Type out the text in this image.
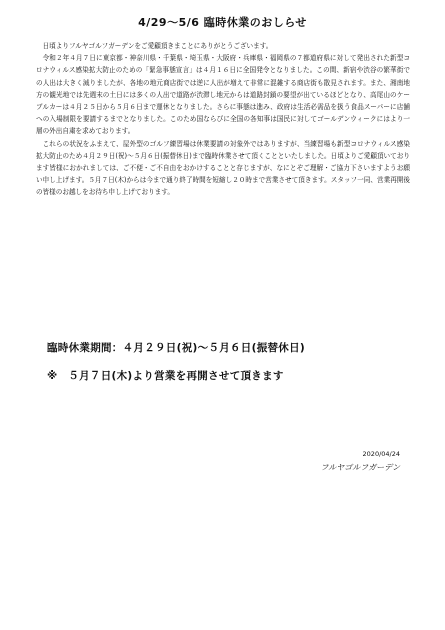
4/29～5/6 臨時休業のおしらせ

日頃よりフルヤゴルフガーデンをご愛顧頂きまことにありがとうございます。

令和２年４月７日に東京都・神奈川県・千葉県・埼玉県・大阪府・兵庫県・福岡県の７都道府県に対して発出された新型コロナウィルス感染拡大防止のための「緊急事態宣言」は４月１６日に全国発令となりました。この間、新宿や渋谷の繁華街での人出は大きく減りましたが、各地の地元商店街では逆に人出が増えて非常に混雑する商店街も散見されます。また、湘南地方の観光地では先週末の土日には多くの人出で道路が渋滞し地元からは道路封鎖の要望が出ているほどとなり、高尾山のケーブルカーは４月２５日から５月６日まで運休となりました。さらに事態は進み、政府は生活必需品を扱う食品スーパーに店舗への入場制限を要請するまでとなりました。このため国ならびに全国の各知事は国民に対してゴールデンウィークにはより一層の外出自粛を求めております。

これらの状況をふまえて、屋外型のゴルフ練習場は休業要請の対象外ではありますが、当練習場も新型コロナウィルス感染拡大防止のため４月２９日(祝)～５月６日(振替休日)まで臨時休業させて頂くことといたしました。日頃よりご愛顧頂いております皆様におかれましては、ご不便・ご不自由をおかけすることと存じますが、なにとぞご理解・ご協力下さいますようお願い申し上げます。５月７日(木)からは今まで通り終了時間を短縮し２０時まで営業させて頂きます。スタッフ一同、営業再開後の皆様のお越しをお待ち申し上げております。

臨時休業期間：４月２９日(祝)～５月６日(振替休日)
※　５月７日(木)より営業を再開させて頂きます
2020/04/24
フルヤゴルフガーデン
